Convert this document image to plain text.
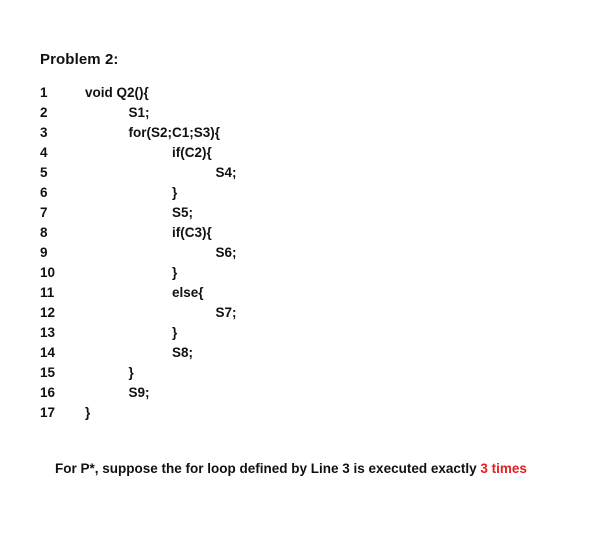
Problem 2:
1	void Q2(){
2	S1;
3	for(S2;C1;S3){
4	if(C2){
5	S4;
6	}
7	S5;
8	if(C3){
9	S6;
10	}
11	else{
12	S7;
13	}
14	S8;
15	}
16	S9;
17	}

For P*, suppose the for loop defined by Line 3 is executed exactly 3 times
